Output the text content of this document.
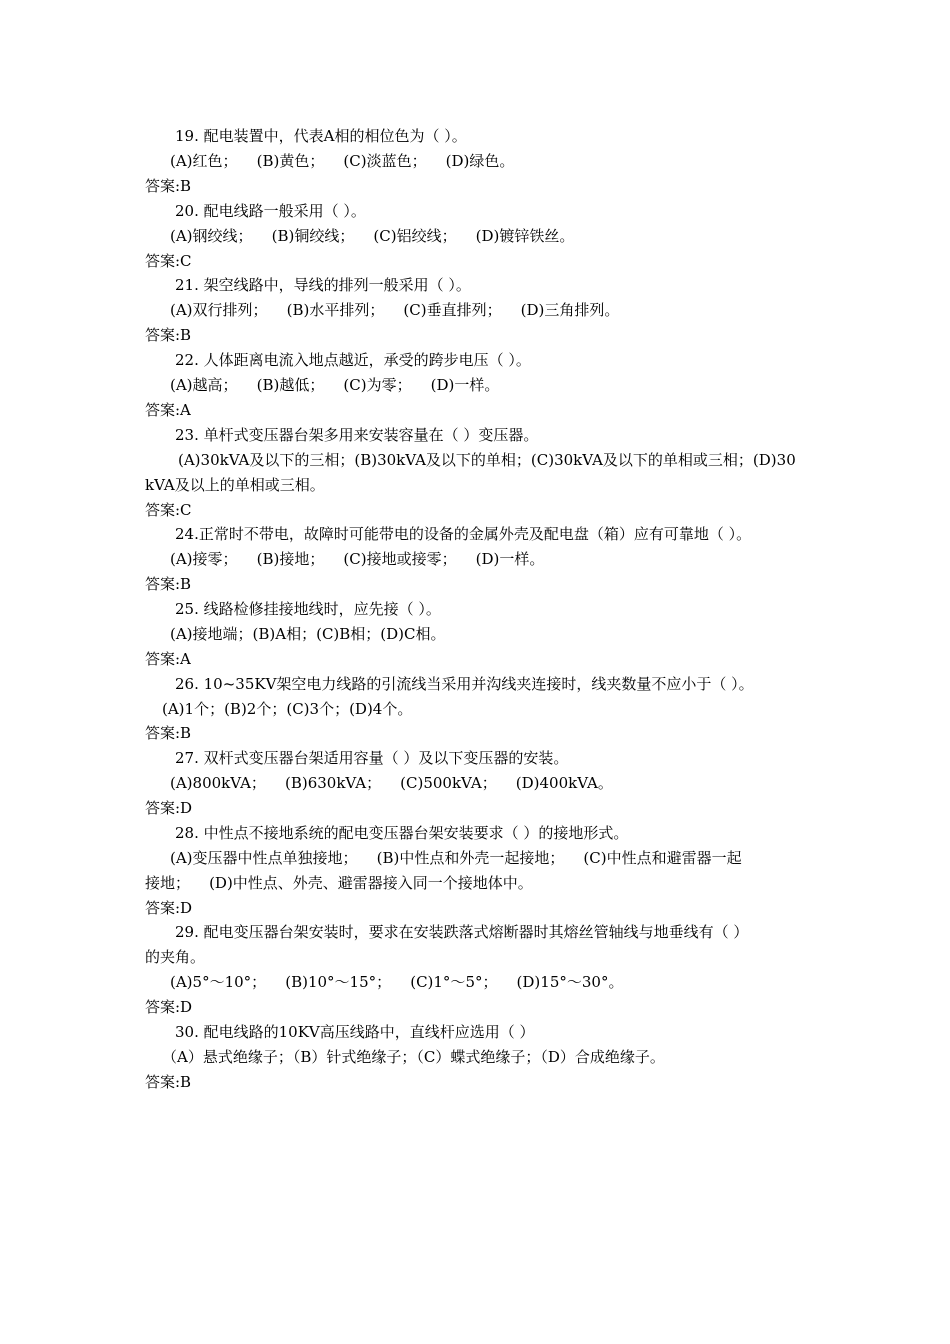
19. 配电装置中，代表A相的相位色为（ ）。
(A)红色；    (B)黄色；    (C)淡蓝色；    (D)绿色。
答案:B
20. 配电线路一般采用（ ）。
(A)钢绞线；    (B)铜绞线；    (C)铝绞线；    (D)镀锌铁丝。
答案:C
21. 架空线路中，导线的排列一般采用（ ）。
(A)双行排列；    (B)水平排列；    (C)垂直排列；    (D)三角排列。
答案:B
22. 人体距离电流入地点越近，承受的跨步电压（ ）。
(A)越高；    (B)越低；    (C)为零；    (D)一样。
答案:A
23. 单杆式变压器台架多用来安装容量在（ ）变压器。
(A)30kVA及以下的三相；(B)30kVA及以下的单相；(C)30kVA及以下的单相或三相；(D)30
kVA及以上的单相或三相。
答案:C
24.正常时不带电，故障时可能带电的设备的金属外壳及配电盘（箱）应有可靠地（ ）。
(A)接零；    (B)接地；    (C)接地或接零；    (D)一样。
答案:B
25. 线路检修挂接地线时，应先接（ ）。
(A)接地端；(B)A相；(C)B相；(D)C相。
答案:A
26. 10~35KV架空电力线路的引流线当采用并沟线夹连接时，线夹数量不应小于（ ）。
(A)1个；(B)2个；(C)3个；(D)4个。
答案:B
27. 双杆式变压器台架适用容量（ ）及以下变压器的安装。
(A)800kVA；    (B)630kVA；    (C)500kVA；    (D)400kVA。
答案:D
28. 中性点不接地系统的配电变压器台架安装要求（ ）的接地形式。
(A)变压器中性点单独接地；    (B)中性点和外壳一起接地；    (C)中性点和避雷器一起
接地；    (D)中性点、外壳、避雷器接入同一个接地体中。
答案:D
29. 配电变压器台架安装时，要求在安装跌落式熔断器时其熔丝管轴线与地垂线有（ ）
的夹角。
(A)5°～10°；    (B)10°～15°；    (C)1°～5°；    (D)15°～30°。
答案:D
30. 配电线路的10KV高压线路中，直线杆应选用（ ）
（A）悬式绝缘子；（B）针式绝缘子；（C）蝶式绝缘子；（D）合成绝缘子。
答案:B
